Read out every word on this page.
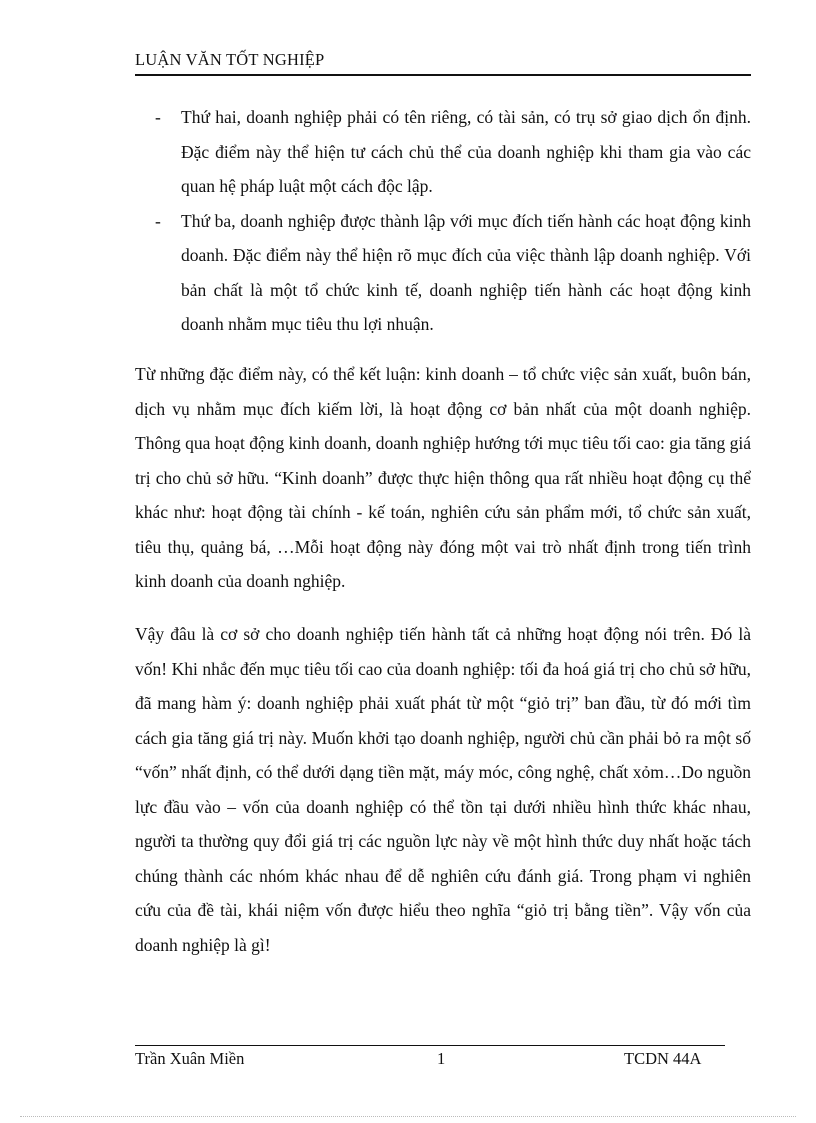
LUẬN VĂN TỐT NGHIỆP
- Thứ hai, doanh nghiệp phải có tên riêng, có tài sản, có trụ sở giao dịch ổn định. Đặc điểm này thể hiện tư cách chủ thể của doanh nghiệp khi tham gia vào các quan hệ pháp luật một cách độc lập.
- Thứ ba, doanh nghiệp được thành lập với mục đích tiến hành các hoạt động kinh doanh. Đặc điểm này thể hiện rõ mục đích của việc thành lập doanh nghiệp. Với bản chất là một tổ chức kinh tế, doanh nghiệp tiến hành các hoạt động kinh doanh nhằm mục tiêu thu lợi nhuận.

Từ những đặc điểm này, có thể kết luận: kinh doanh – tổ chức việc sản xuất, buôn bán, dịch vụ nhằm mục đích kiếm lời, là hoạt động cơ bản nhất của một doanh nghiệp. Thông qua hoạt động kinh doanh, doanh nghiệp hướng tới mục tiêu tối cao: gia tăng giá trị cho chủ sở hữu. “Kinh doanh” được thực hiện thông qua rất nhiều hoạt động cụ thể khác như: hoạt động tài chính - kế toán, nghiên cứu sản phẩm mới, tổ chức sản xuất, tiêu thụ, quảng bá, …Mỗi hoạt động này đóng một vai trò nhất định trong tiến trình kinh doanh của doanh nghiệp.

Vậy đâu là cơ sở cho doanh nghiệp tiến hành tất cả những hoạt động nói trên. Đó là vốn! Khi nhắc đến mục tiêu tối cao của doanh nghiệp: tối đa hoá giá trị cho chủ sở hữu, đã mang hàm ý: doanh nghiệp phải xuất phát từ một “giỏ trị” ban đầu, từ đó mới tìm cách gia tăng giá trị này. Muốn khởi tạo doanh nghiệp, người chủ cần phải bỏ ra một số “vốn” nhất định, có thể dưới dạng tiền mặt, máy móc, công nghệ, chất xỏm…Do nguồn lực đầu vào – vốn của doanh nghiệp có thể tồn tại dưới nhiều hình thức khác nhau, người ta thường quy đổi giá trị các nguồn lực này về một hình thức duy nhất hoặc tách chúng thành các nhóm khác nhau để dễ nghiên cứu đánh giá. Trong phạm vi nghiên cứu của đề tài, khái niệm vốn được hiểu theo nghĩa “giỏ trị bằng tiền”. Vậy vốn của doanh nghiệp là gì!

Trần Xuân Miền	1	TCDN 44A
